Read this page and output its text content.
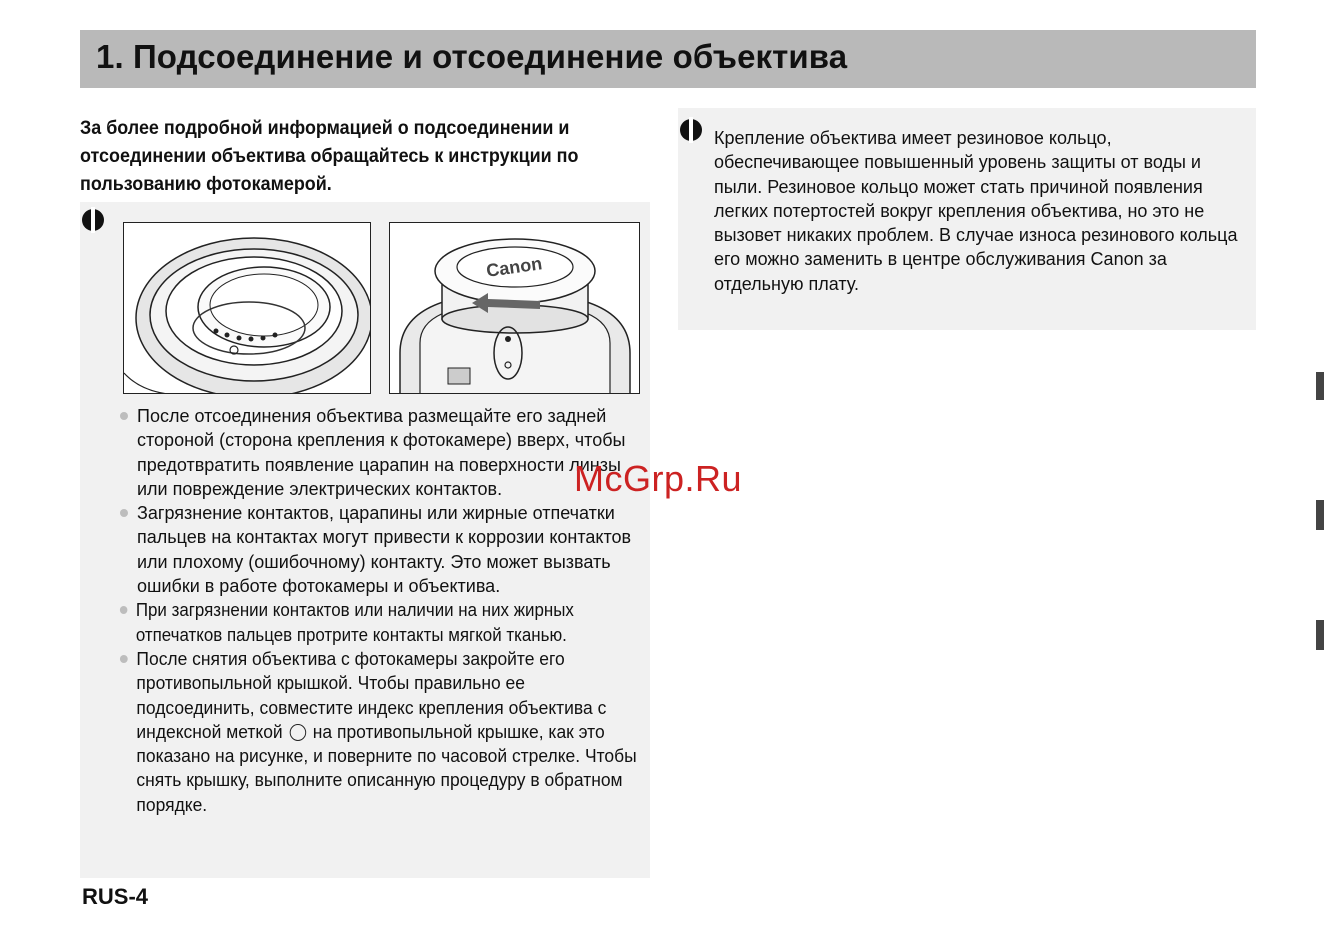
1. Подсоединение и отсоединение объектива

За более подробной информацией о подсоединении и отсоединении объектива обращайтесь к инструкции по пользованию фотокамерой.

Canon
После отсоединения объектива размещайте его задней стороной (сторона крепления к фотокамере) вверх, чтобы предотвратить появление царапин на поверхности линзы или повреждение электрических контактов.
Загрязнение контактов, царапины или жирные отпечатки пальцев на контактах могут привести к коррозии контактов или плохому (ошибочному) контакту. Это может вызвать ошибки в работе фотокамеры и объектива.
При загрязнении контактов или наличии на них жирных отпечатков пальцев протрите контакты мягкой тканью.
После снятия объектива с фотокамеры закройте его противопыльной крышкой. Чтобы правильно ее подсоединить, совместите индекс крепления объектива с индексной меткой на противопыльной крышке, как это показано на рисунке, и поверните по часовой стрелке. Чтобы снять крышку, выполните описанную процедуру в обратном порядке.

Крепление объектива имеет резиновое кольцо, обеспечивающее повышенный уровень защиты от воды и пыли. Резиновое кольцо может стать причиной появления легких потертостей вокруг крепления объектива, но это не вызовет никаких проблем. В случае износа резинового кольца его можно заменить в центре обслуживания Canon за отдельную плату.

McGrp.Ru

RUS-4
